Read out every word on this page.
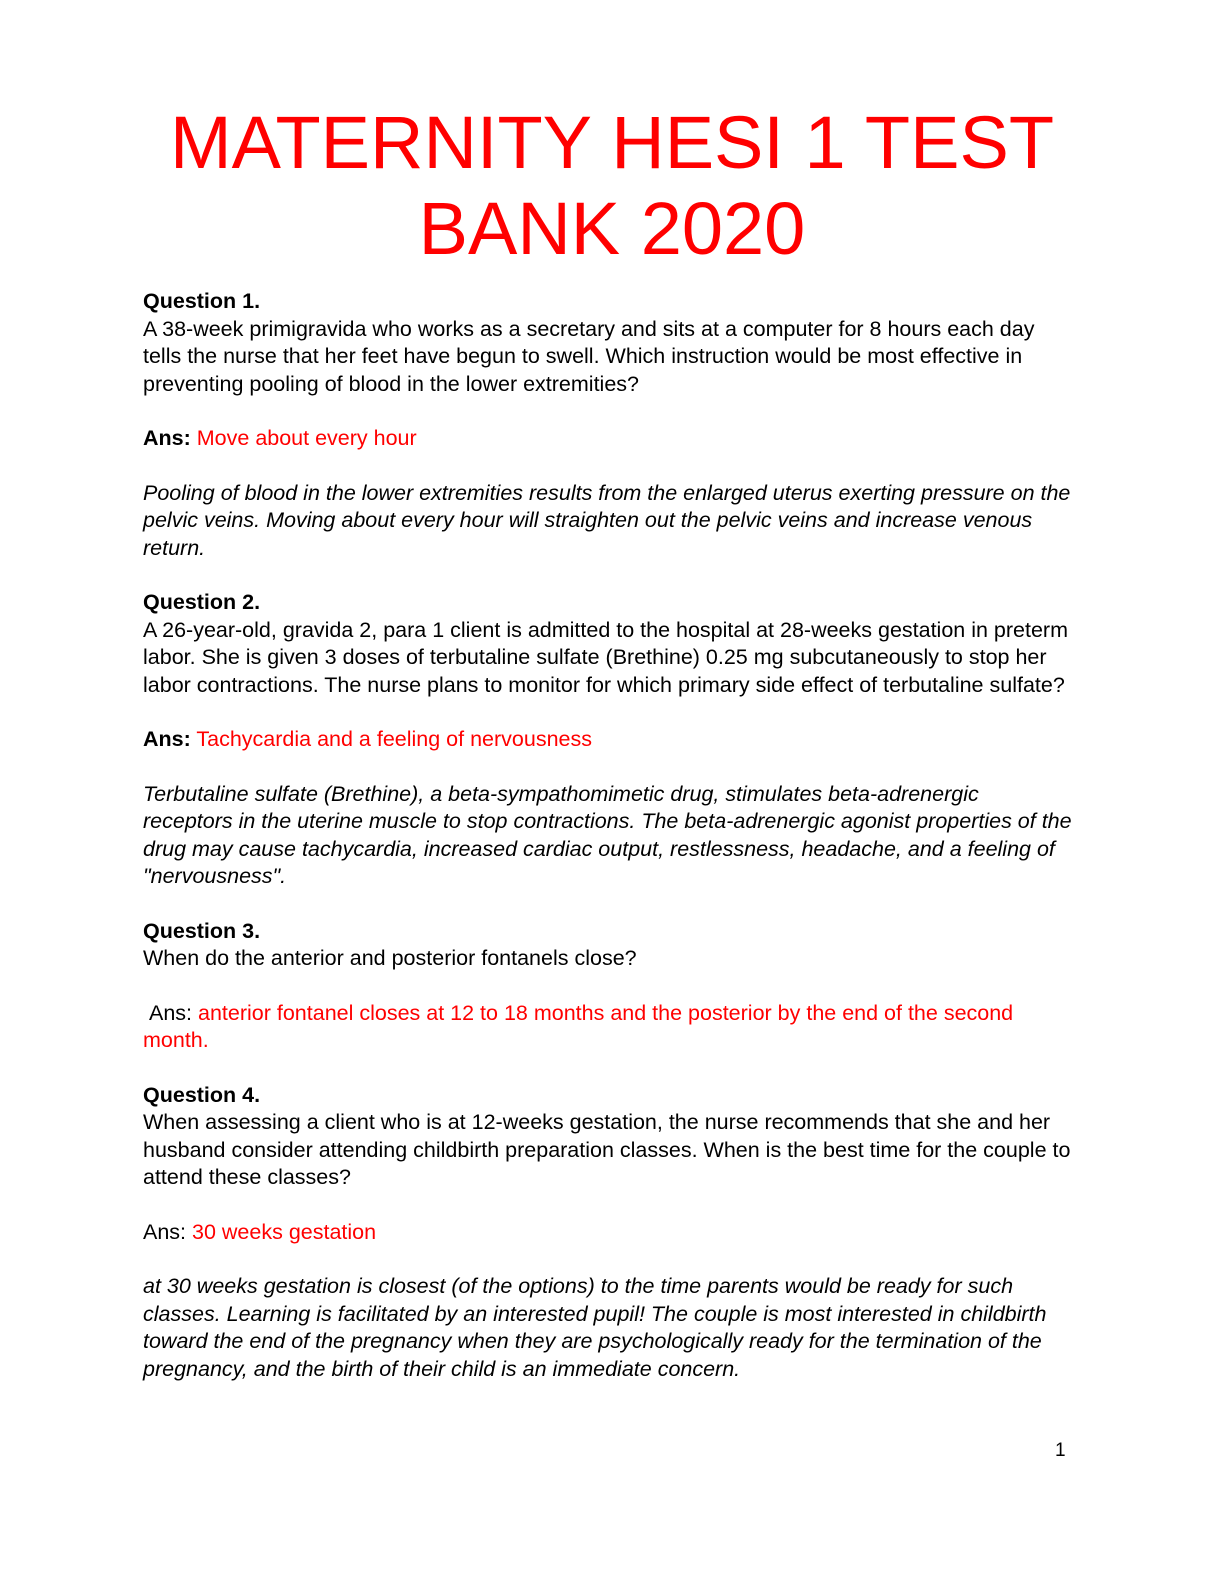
MATERNITY HESI 1 TEST
BANK 2020
Question 1.

A 38-week primigravida who works as a secretary and sits at a computer for 8 hours each day tells the nurse that her feet have begun to swell. Which instruction would be most effective in preventing pooling of blood in the lower extremities?

Ans: Move about every hour

Pooling of blood in the lower extremities results from the enlarged uterus exerting pressure on the pelvic veins. Moving about every hour will straighten out the pelvic veins and increase venous return.

Question 2.

A 26-year-old, gravida 2, para 1 client is admitted to the hospital at 28-weeks gestation in preterm labor. She is given 3 doses of terbutaline sulfate (Brethine) 0.25 mg subcutaneously to stop her labor contractions. The nurse plans to monitor for which primary side effect of terbutaline sulfate?

Ans: Tachycardia and a feeling of nervousness

Terbutaline sulfate (Brethine), a beta-sympathomimetic drug, stimulates beta-adrenergic receptors in the uterine muscle to stop contractions. The beta-adrenergic agonist properties of the drug may cause tachycardia, increased cardiac output, restlessness, headache, and a feeling of "nervousness".

Question 3.

When do the anterior and posterior fontanels close?

Ans: anterior fontanel closes at 12 to 18 months and the posterior by the end of the second month.

Question 4.

When assessing a client who is at 12-weeks gestation, the nurse recommends that she and her husband consider attending childbirth preparation classes. When is the best time for the couple to attend these classes?

Ans: 30 weeks gestation

at 30 weeks gestation is closest (of the options) to the time parents would be ready for such classes. Learning is facilitated by an interested pupil! The couple is most interested in childbirth toward the end of the pregnancy when they are psychologically ready for the termination of the pregnancy, and the birth of their child is an immediate concern.

1
